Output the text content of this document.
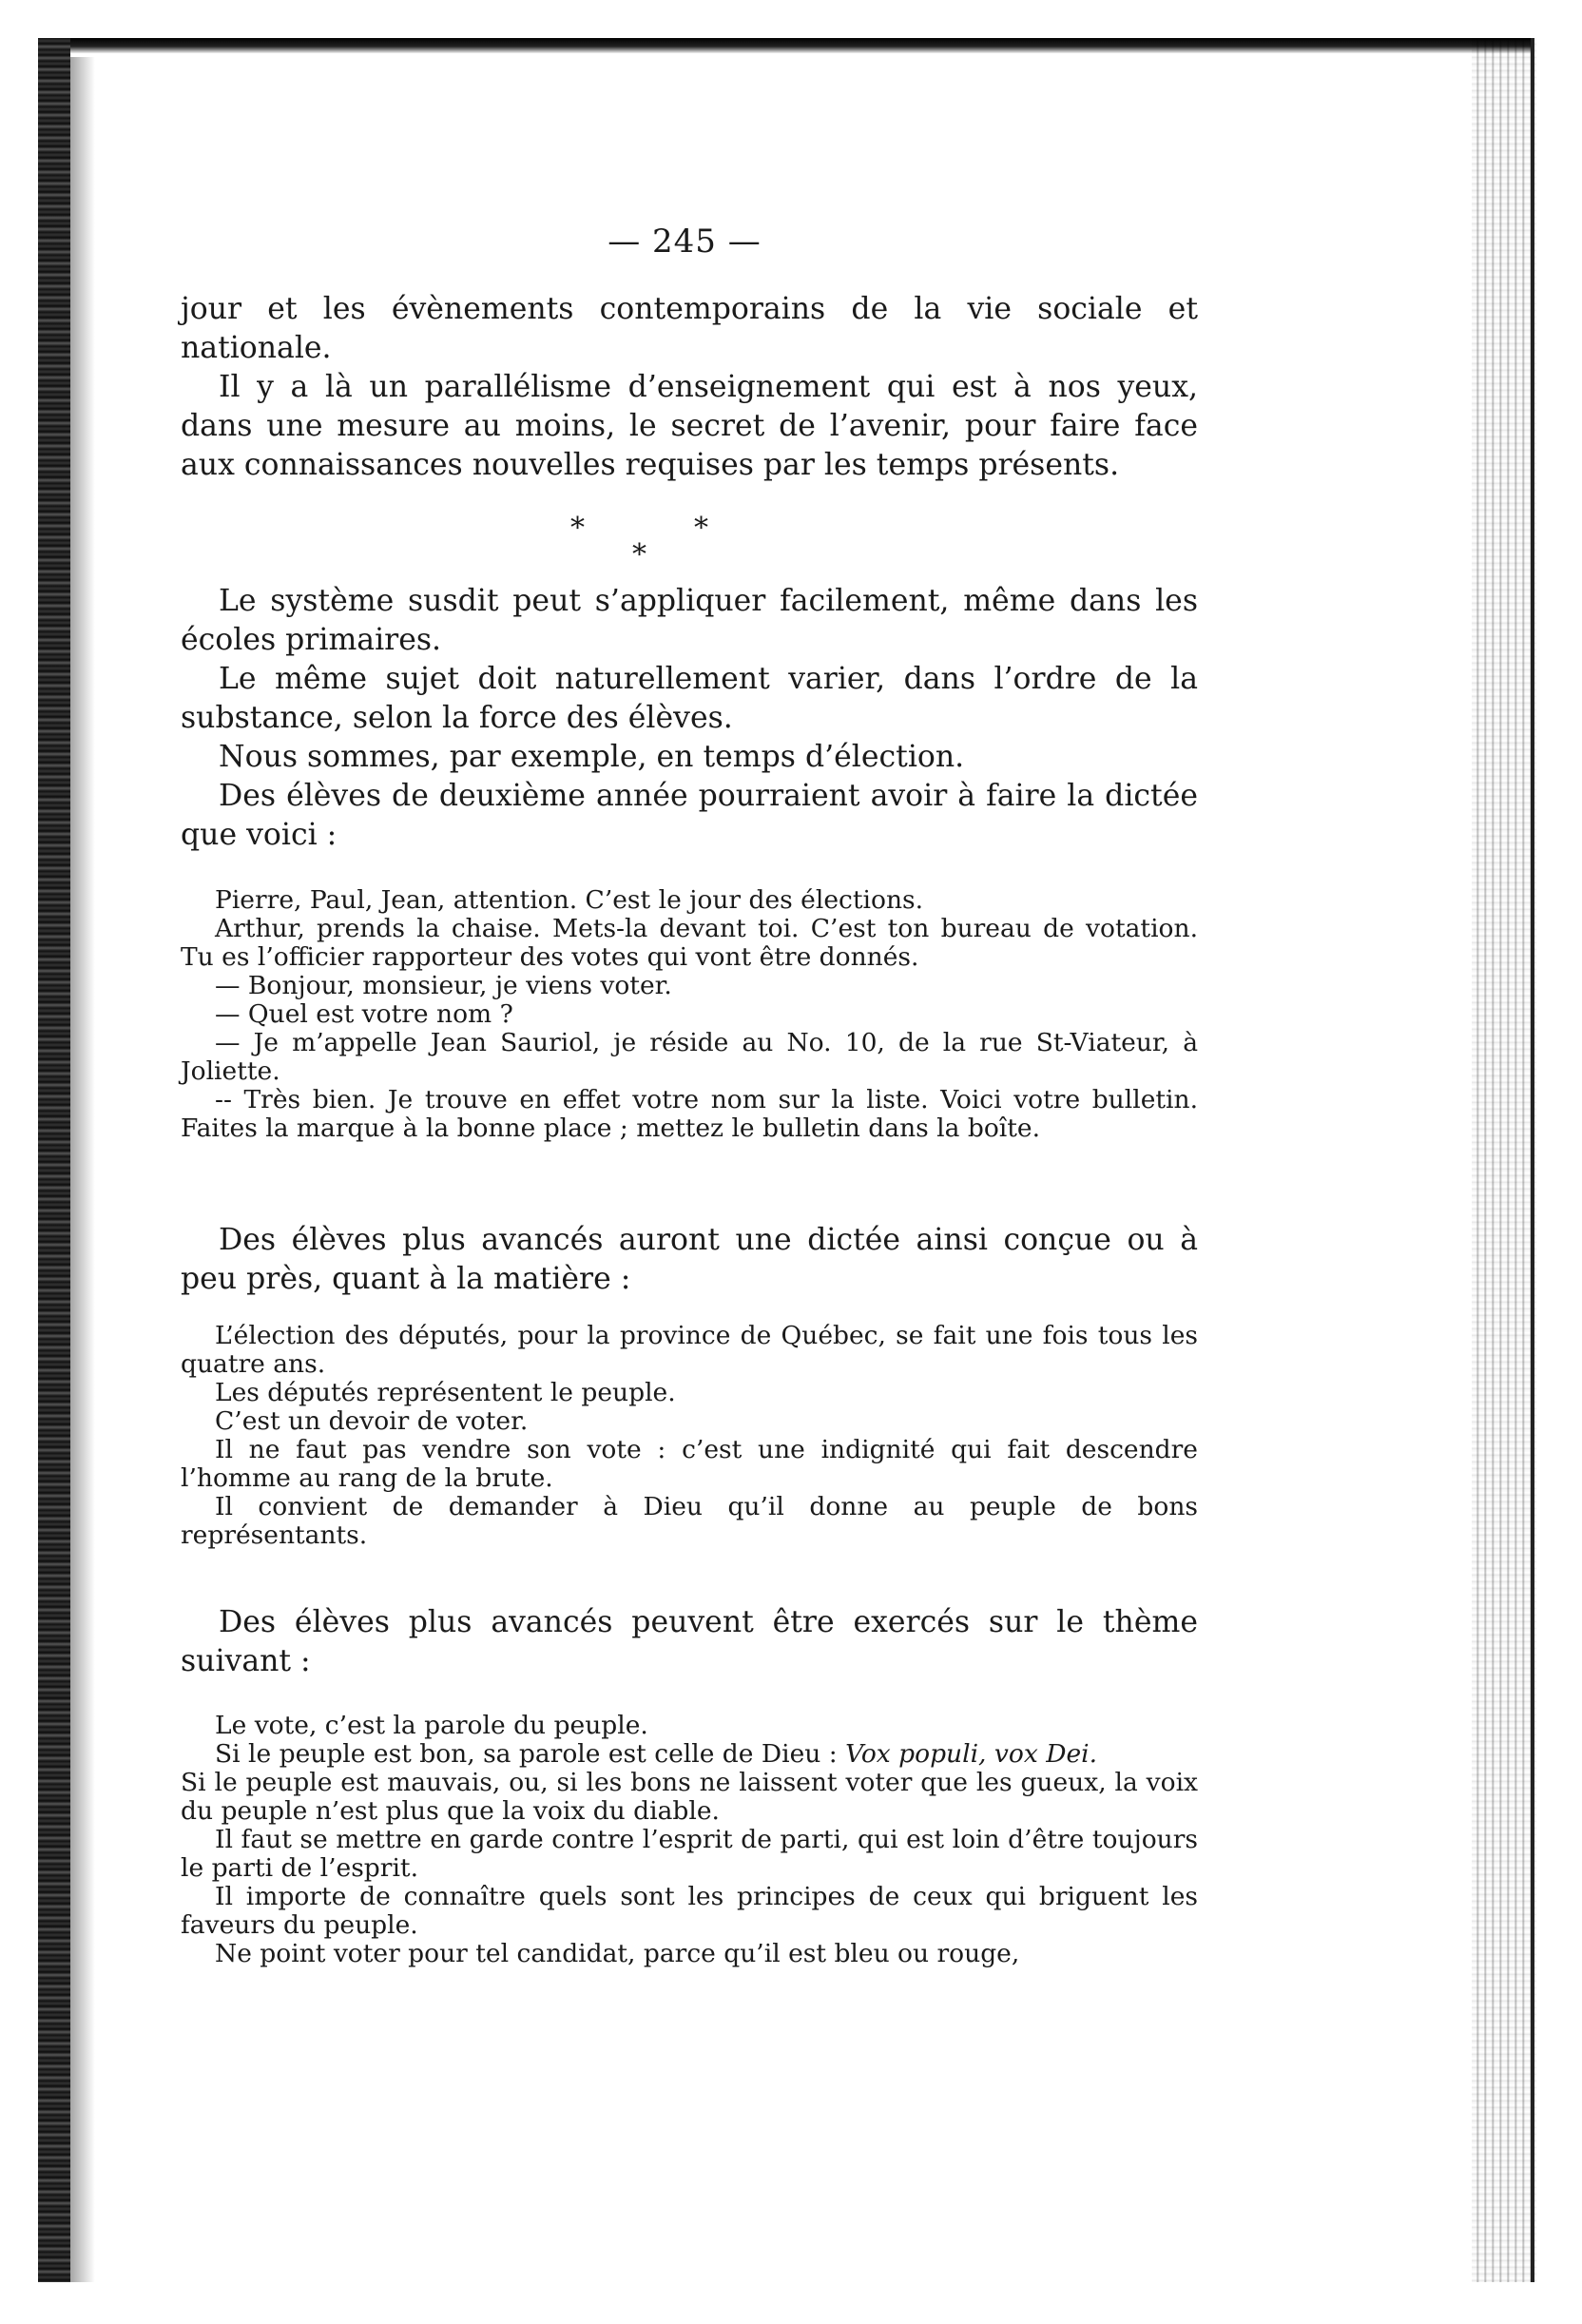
— 245 —

jour et les évènements contemporains de la vie sociale et nationale.

Il y a là un parallélisme d’enseignement qui est à nos yeux, dans une mesure au moins, le secret de l’avenir, pour faire face aux connaissances nouvelles requises par les temps présents.

*	*
*

Le système susdit peut s’appliquer facilement, même dans les écoles primaires.

Le même sujet doit naturellement varier, dans l’ordre de la substance, selon la force des élèves.

Nous sommes, par exemple, en temps d’élection.

Des élèves de deuxième année pourraient avoir à faire la dictée que voici :

Pierre, Paul, Jean, attention. C’est le jour des élections.

Arthur, prends la chaise. Mets-la devant toi. C’est ton bureau de votation. Tu es l’officier rapporteur des votes qui vont être donnés.

— Bonjour, monsieur, je viens voter.

— Quel est votre nom ?

— Je m’appelle Jean Sauriol, je réside au No. 10, de la rue St-Viateur, à Joliette.

-- Très bien. Je trouve en effet votre nom sur la liste. Voici votre bulletin. Faites la marque à la bonne place ; mettez le bulletin dans la boîte.

Des élèves plus avancés auront une dictée ainsi conçue ou à peu près, quant à la matière :

L’élection des députés, pour la province de Québec, se fait une fois tous les quatre ans.

Les députés représentent le peuple.

C’est un devoir de voter.

Il ne faut pas vendre son vote : c’est une indignité qui fait descendre l’homme au rang de la brute.

Il convient de demander à Dieu qu’il donne au peuple de bons représentants.

Des élèves plus avancés peuvent être exercés sur le thème suivant :

Le vote, c’est la parole du peuple.

Si le peuple est bon, sa parole est celle de Dieu : Vox populi, vox Dei.

Si le peuple est mauvais, ou, si les bons ne laissent voter que les gueux, la voix du peuple n’est plus que la voix du diable.

Il faut se mettre en garde contre l’esprit de parti, qui est loin d’être toujours le parti de l’esprit.

Il importe de connaître quels sont les principes de ceux qui briguent les faveurs du peuple.

Ne point voter pour tel candidat, parce qu’il est bleu ou rouge,
